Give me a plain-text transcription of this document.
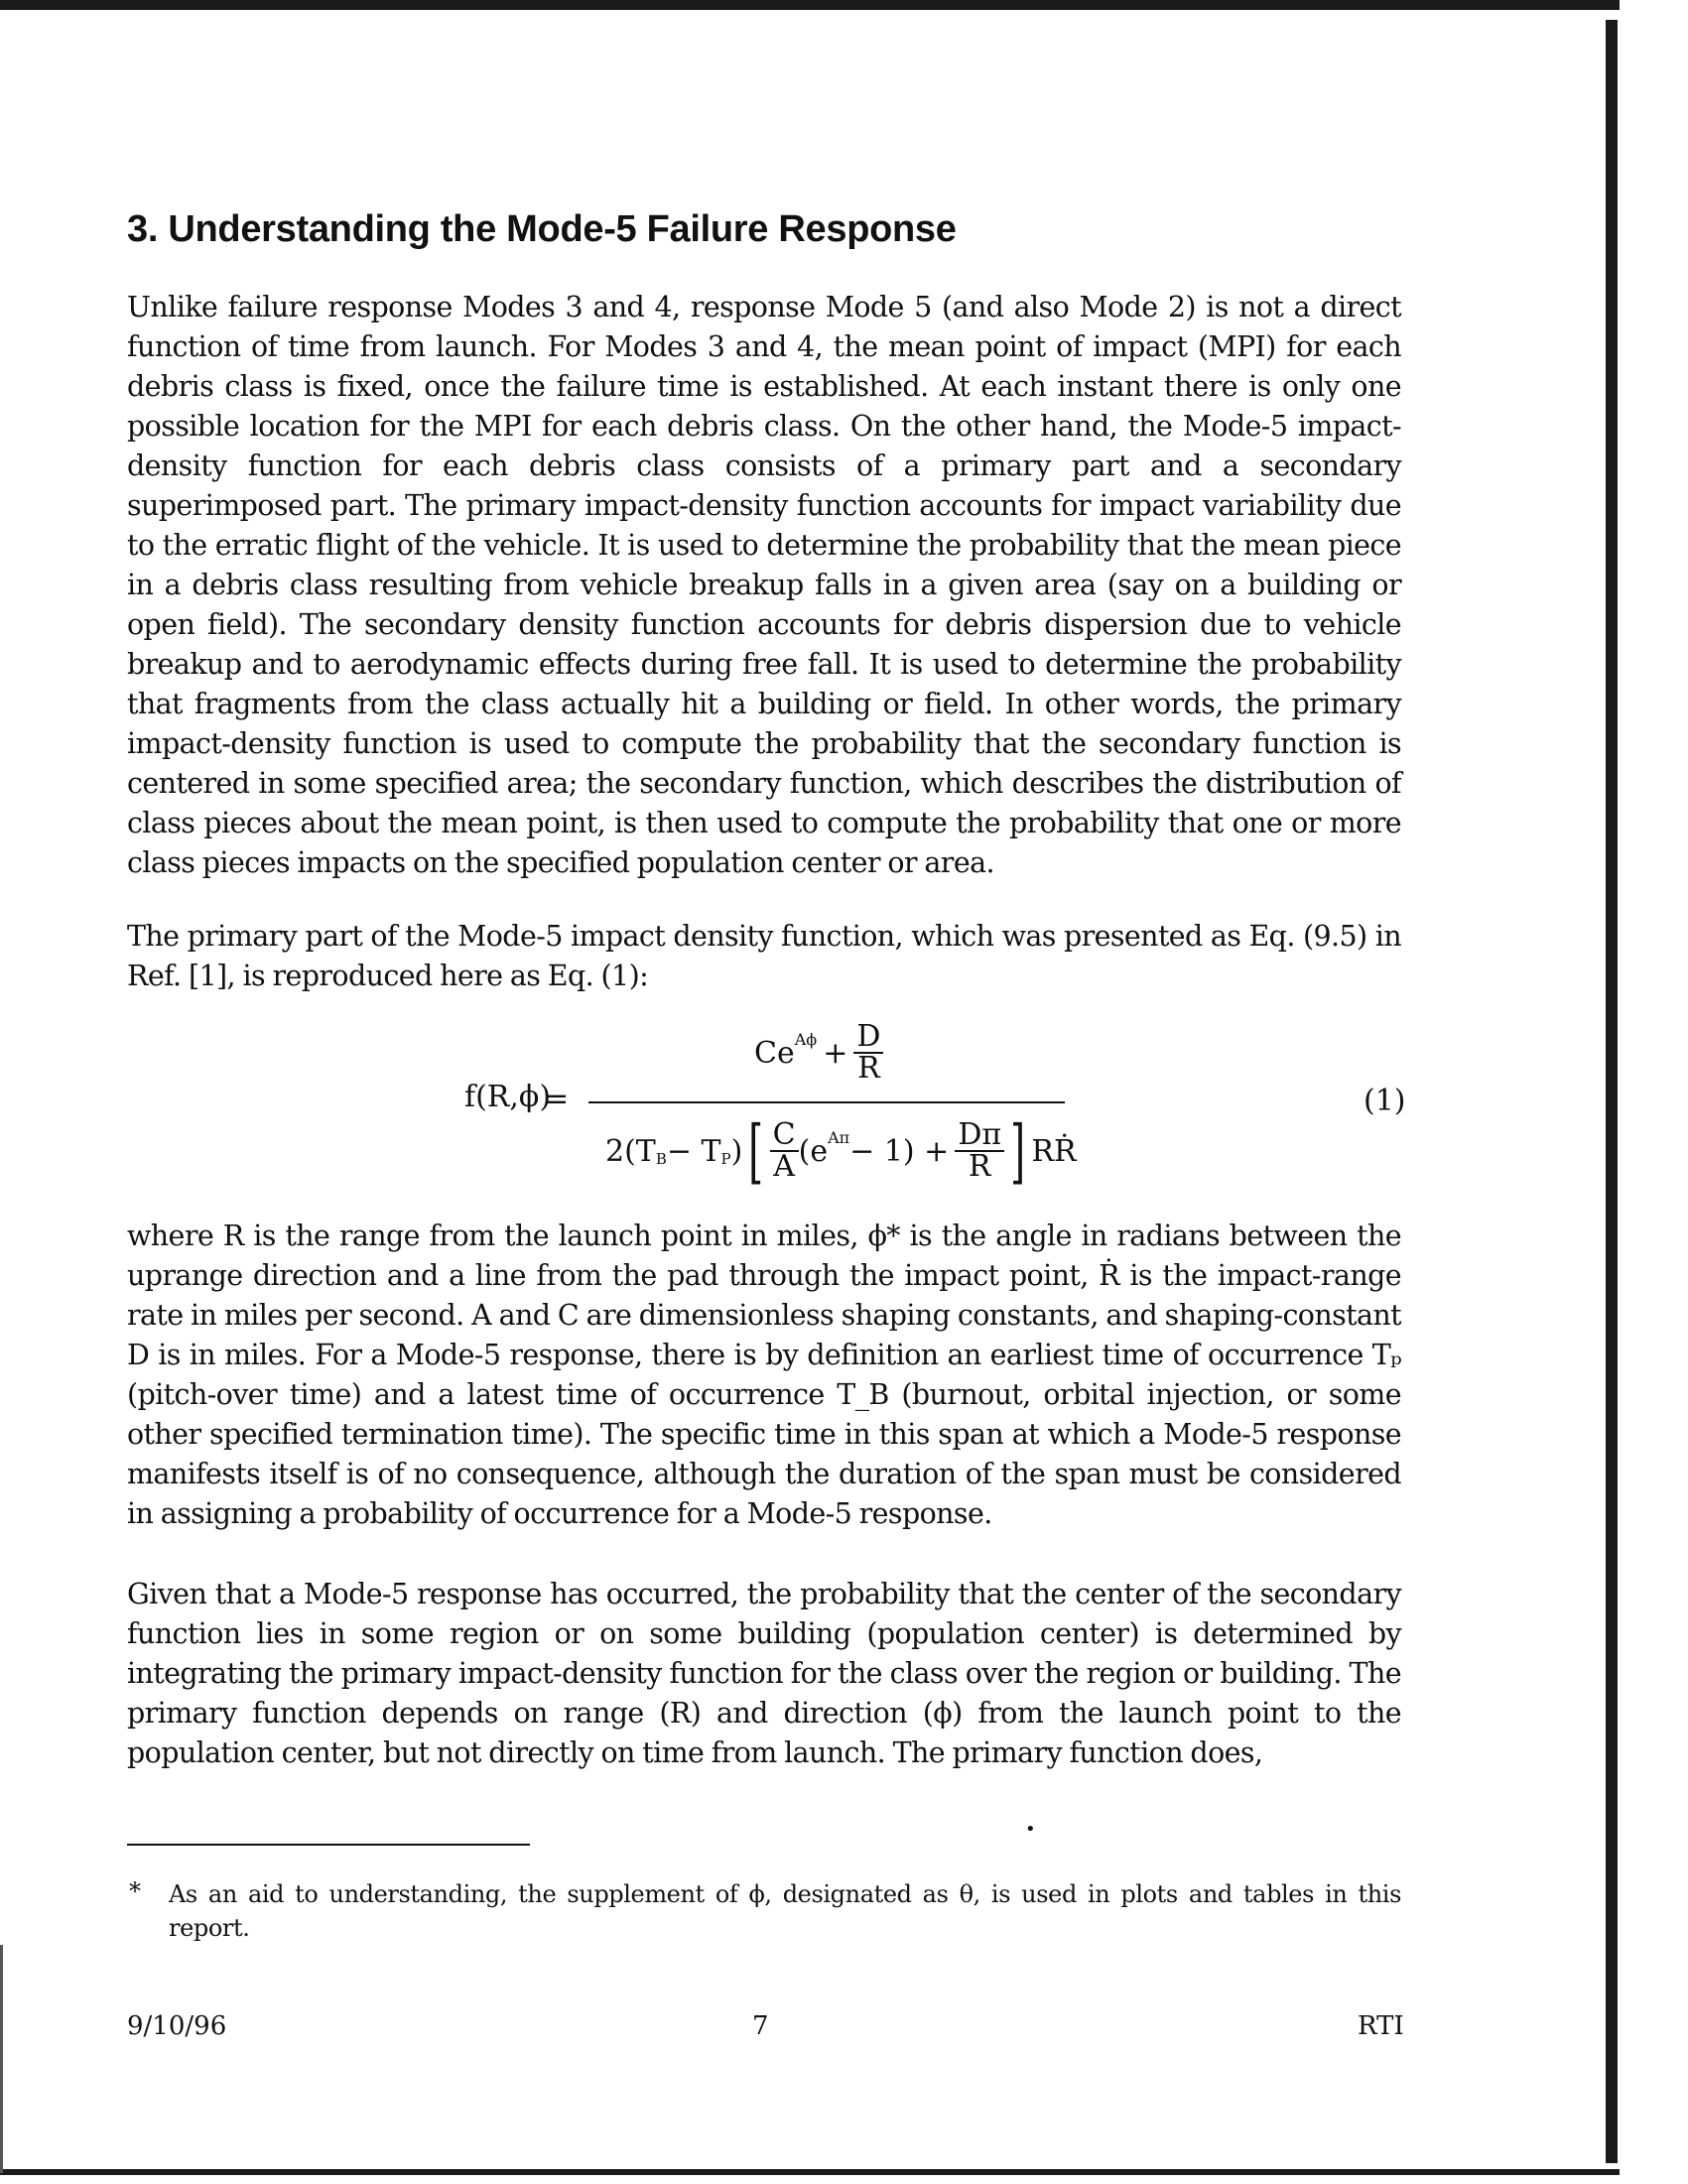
3. Understanding the Mode-5 Failure Response

Unlike failure response Modes 3 and 4, response Mode 5 (and also Mode 2) is not a direct function of time from launch. For Modes 3 and 4, the mean point of impact (MPI) for each debris class is fixed, once the failure time is established. At each instant there is only one possible location for the MPI for each debris class. On the other hand, the Mode-5 impact-density function for each debris class consists of a primary part and a secondary superimposed part. The primary impact-density function accounts for impact variability due to the erratic flight of the vehicle. It is used to determine the probability that the mean piece in a debris class resulting from vehicle breakup falls in a given area (say on a building or open field). The secondary density function accounts for debris dispersion due to vehicle breakup and to aerodynamic effects during free fall. It is used to determine the probability that fragments from the class actually hit a building or field. In other words, the primary impact-density function is used to compute the probability that the secondary function is centered in some specified area; the secondary function, which describes the distribution of class pieces about the mean point, is then used to compute the probability that one or more class pieces impacts on the specified population center or area.

The primary part of the Mode-5 impact density function, which was presented as Eq. (9.5) in Ref. [1], is reproduced here as Eq. (1):

f(R,ϕ)
=
Ce $A\phi + \frac{D}{R}$
2(T B − T P ) [ $\frac{C}{A} (e$ $A\pi - 1) + \frac{D\pi}{R}$ ] RṘ
(1)

where R is the range from the launch point in miles, ϕ* is the angle in radians between the uprange direction and a line from the pad through the impact point, Ṙ is the impact-range rate in miles per second. A and C are dimensionless shaping constants, and shaping-constant D is in miles. For a Mode-5 response, there is by definition an earliest time of occurrence Tₚ (pitch-over time) and a latest time of occurrence T_B (burnout, orbital injection, or some other specified termination time). The specific time in this span at which a Mode-5 response manifests itself is of no consequence, although the duration of the span must be considered in assigning a probability of occurrence for a Mode-5 response.

Given that a Mode-5 response has occurred, the probability that the center of the secondary function lies in some region or on some building (population center) is determined by integrating the primary impact-density function for the class over the region or building. The primary function depends on range (R) and direction (ϕ) from the launch point to the population center, but not directly on time from launch. The primary function does,

•
* As an aid to understanding, the supplement of ϕ, designated as θ, is used in plots and tables in this report.

9/10/96	7	RTI
